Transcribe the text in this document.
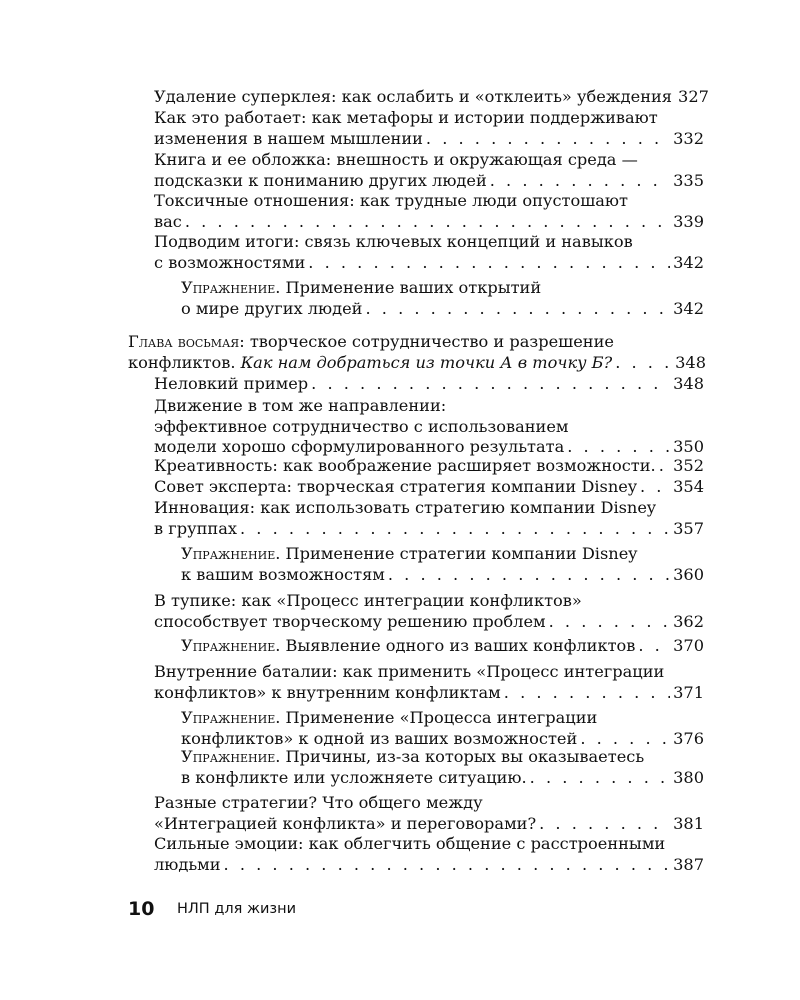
Удаление суперклея: как ослабить и «отклеить» убеждения 327
Как это работает: как метафоры и истории поддерживают
изменения в нашем мышлении . . .	332
Книга и ее обложка: внешность и окружающая среда —
подсказки к пониманию других людей . . .	335
Токсичные отношения: как трудные люди опустошают
вас . . .	339
Подводим итоги: связь ключевых концепций и навыков
с возможностями . . .	342
Упражнение. Применение ваших открытий
о мире других людей . . .	342
Глава восьмая: творческое сотрудничество и разрешение
конфликтов. Как нам добраться из точки А в точку Б? . . .	348
Неловкий пример . . .	348
Движение в том же направлении:
эффективное сотрудничество с использованием
модели хорошо сформулированного результата . . .	350
Креативность: как воображение расширяет возможности. . . . 352
Совет эксперта: творческая стратегия компании Disney . . . 354
Инновация: как использовать стратегию компании Disney
в группах . . .	357
Упражнение. Применение стратегии компании Disney
к вашим возможностям . . .	360
В тупике: как «Процесс интеграции конфликтов»
способствует творческому решению проблем . . .	362
Упражнение. Выявление одного из ваших конфликтов . . . 370
Внутренние баталии: как применить «Процесс интеграции
конфликтов» к внутренним конфликтам . . .	371
Упражнение. Применение «Процесса интеграции
конфликтов» к одной из ваших возможностей . . .	376
Упражнение. Причины, из-за которых вы оказываетесь
в конфликте или усложняете ситуацию. . . .	380
Разные стратегии? Что общего между
«Интеграцией конфликта» и переговорами? . . .	381
Сильные эмоции: как облегчить общение с расстроенными
людьми . . .	387
10 НЛП для жизни
